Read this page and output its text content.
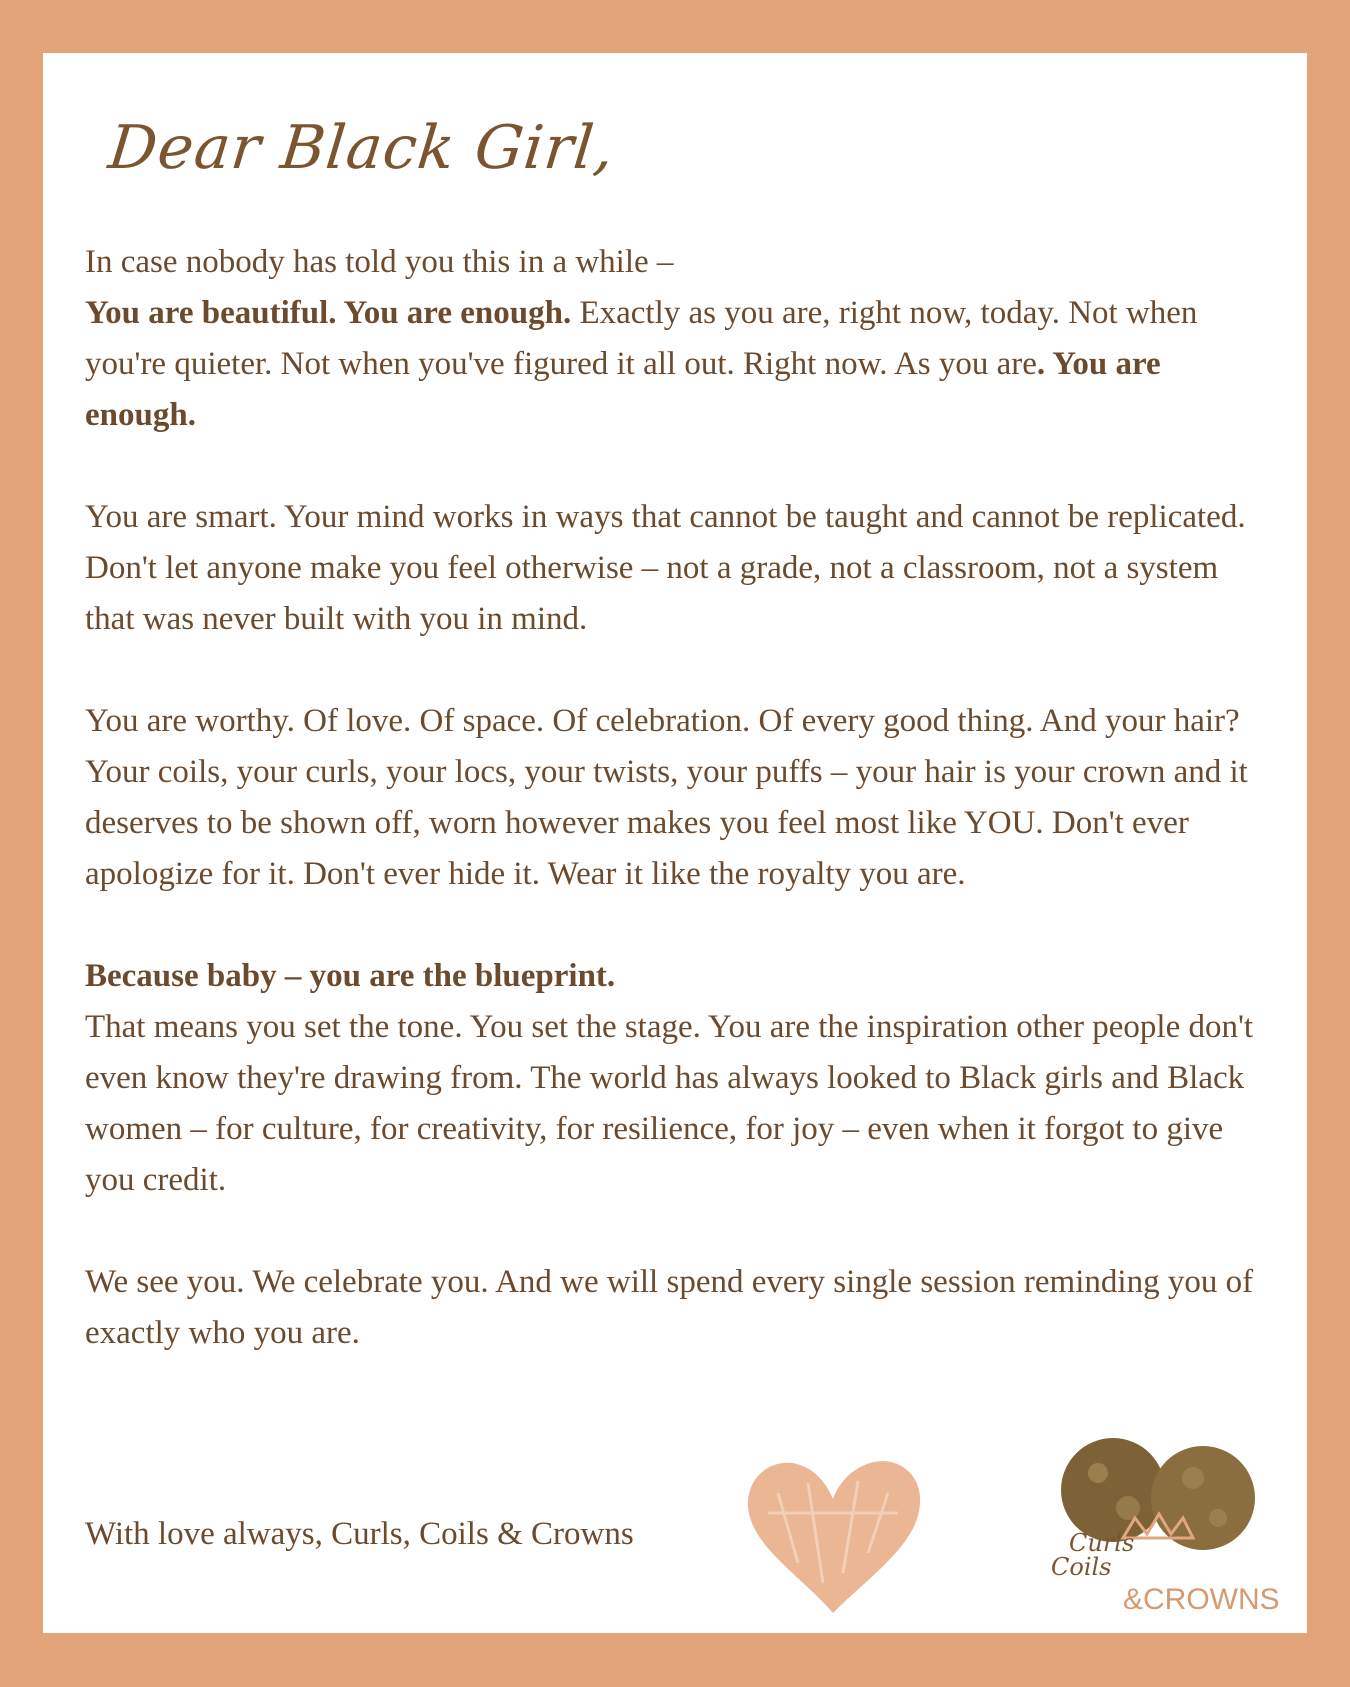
Dear Black Girl,

In case nobody has told you this in a while –
You are beautiful. You are enough. Exactly as you are, right now, today. Not when you're quieter. Not when you've figured it all out. Right now. As you are. You are enough.

You are smart. Your mind works in ways that cannot be taught and cannot be replicated. Don't let anyone make you feel otherwise – not a grade, not a classroom, not a system that was never built with you in mind.

You are worthy. Of love. Of space. Of celebration. Of every good thing. And your hair? Your coils, your curls, your locs, your twists, your puffs – your hair is your crown and it deserves to be shown off, worn however makes you feel most like YOU. Don't ever apologize for it. Don't ever hide it. Wear it like the royalty you are.

Because baby – you are the blueprint.
That means you set the tone. You set the stage. You are the inspiration other people don't even know they're drawing from. The world has always looked to Black girls and Black women – for culture, for creativity, for resilience, for joy – even when it forgot to give you credit.

We see you. We celebrate you. And we will spend every single session reminding you of exactly who you are.

With love always, Curls, Coils & Crowns	Curls
Coils
&CROWNS
